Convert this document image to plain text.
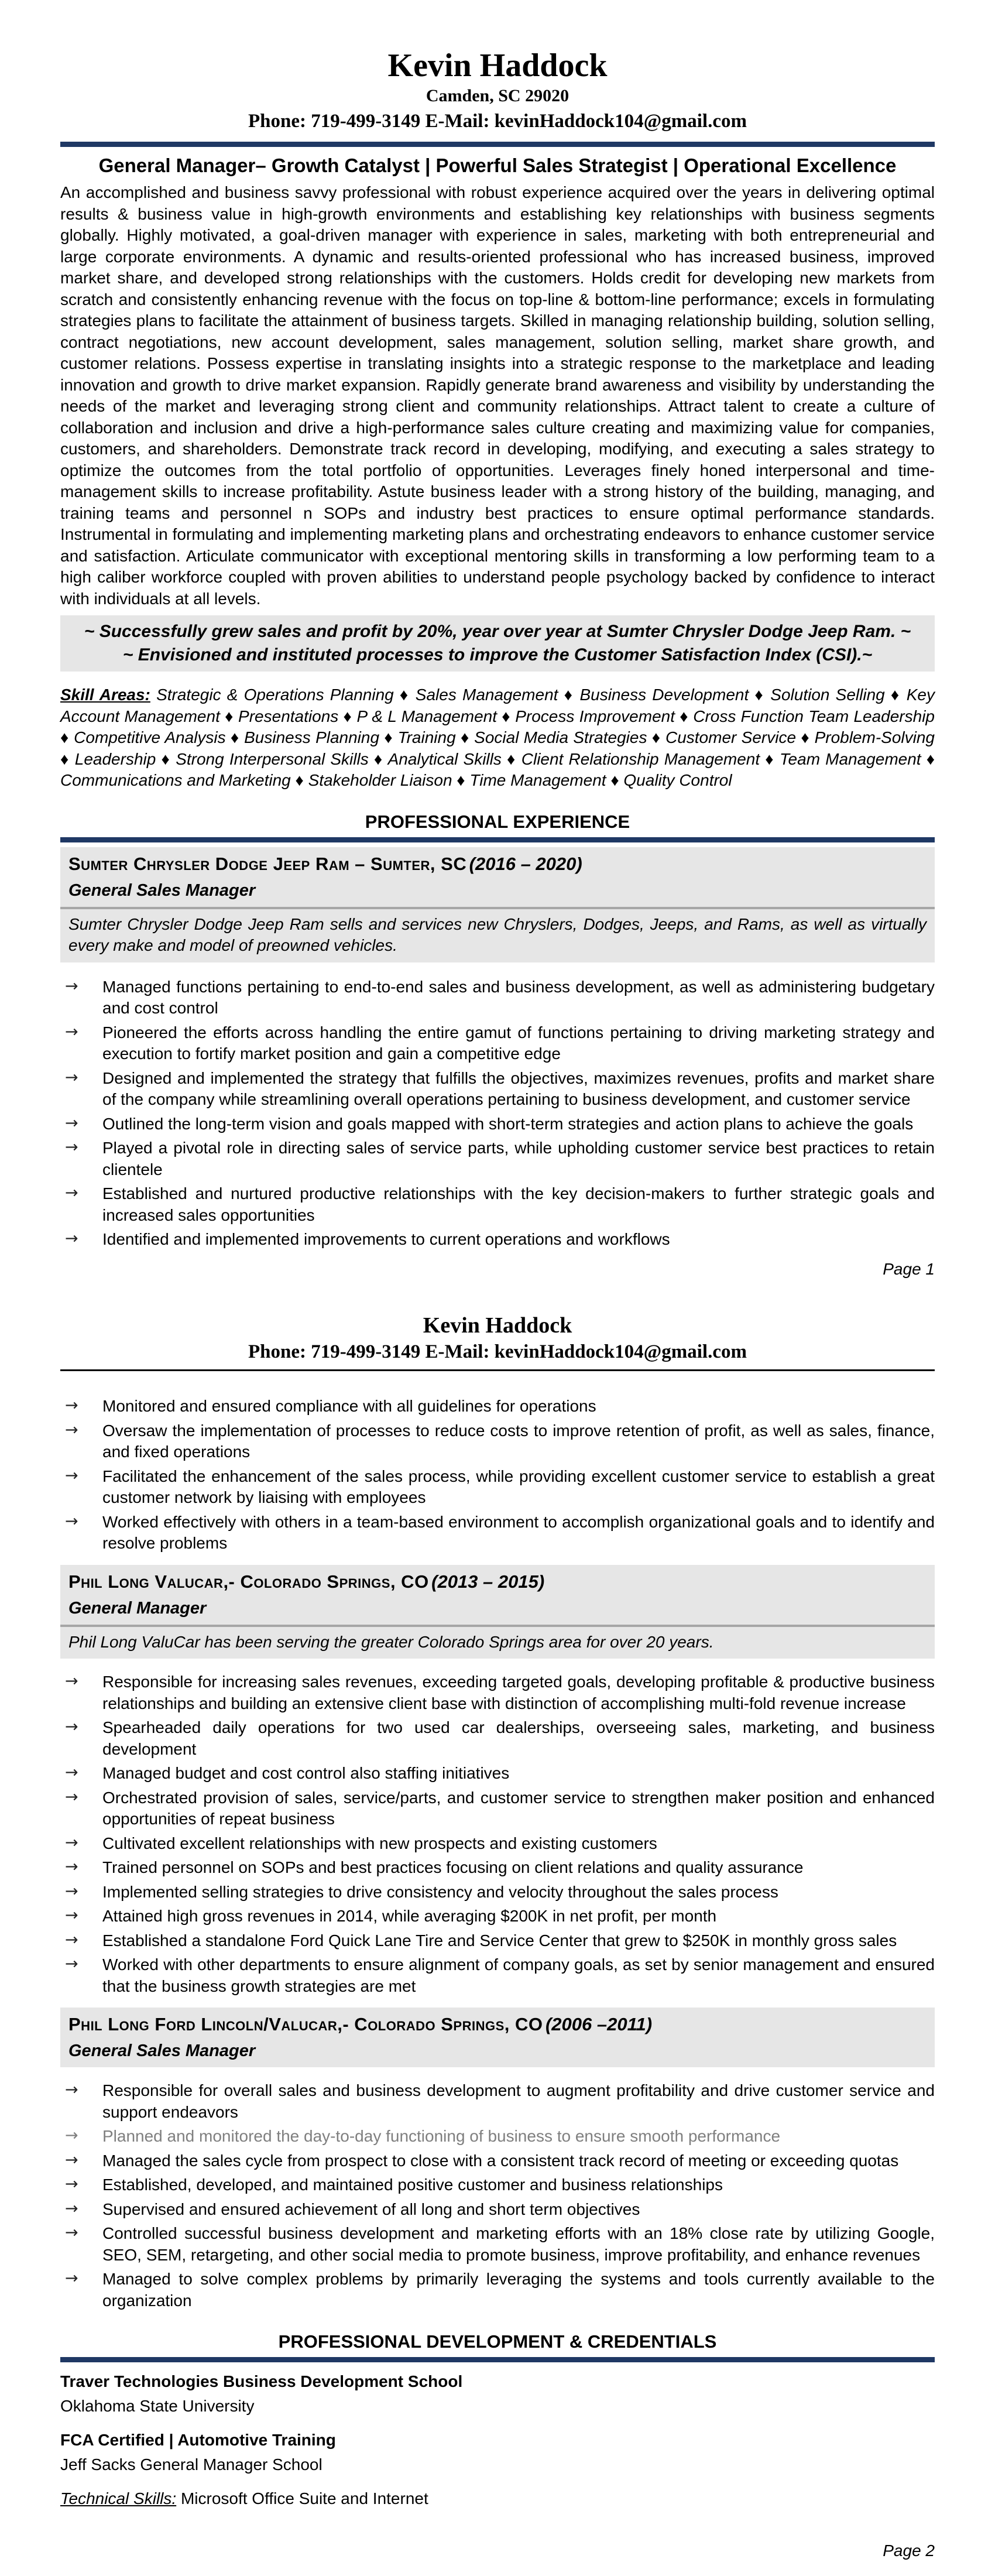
Kevin Haddock
Camden, SC 29020
Phone: 719-499-3149 E-Mail: kevinHaddock104@gmail.com
General Manager– Growth Catalyst | Powerful Sales Strategist | Operational Excellence
An accomplished and business savvy professional with robust experience acquired over the years in delivering optimal results & business value in high-growth environments and establishing key relationships with business segments globally. Highly motivated, a goal-driven manager with experience in sales, marketing with both entrepreneurial and large corporate environments. A dynamic and results-oriented professional who has increased business, improved market share, and developed strong relationships with the customers. Holds credit for developing new markets from scratch and consistently enhancing revenue with the focus on top-line & bottom-line performance; excels in formulating strategies plans to facilitate the attainment of business targets. Skilled in managing relationship building, solution selling, contract negotiations, new account development, sales management, solution selling, market share growth, and customer relations. Possess expertise in translating insights into a strategic response to the marketplace and leading innovation and growth to drive market expansion. Rapidly generate brand awareness and visibility by understanding the needs of the market and leveraging strong client and community relationships. Attract talent to create a culture of collaboration and inclusion and drive a high-performance sales culture creating and maximizing value for companies, customers, and shareholders. Demonstrate track record in developing, modifying, and executing a sales strategy to optimize the outcomes from the total portfolio of opportunities. Leverages finely honed interpersonal and time-management skills to increase profitability. Astute business leader with a strong history of the building, managing, and training teams and personnel n SOPs and industry best practices to ensure optimal performance standards. Instrumental in formulating and implementing marketing plans and orchestrating endeavors to enhance customer service and satisfaction. Articulate communicator with exceptional mentoring skills in transforming a low performing team to a high caliber workforce coupled with proven abilities to understand people psychology backed by confidence to interact with individuals at all levels.
~ Successfully grew sales and profit by 20%, year over year at Sumter Chrysler Dodge Jeep Ram. ~
~ Envisioned and instituted processes to improve the Customer Satisfaction Index (CSI).~
Skill Areas: Strategic & Operations Planning ♦ Sales Management ♦ Business Development ♦ Solution Selling ♦ Key Account Management ♦ Presentations ♦ P & L Management ♦ Process Improvement ♦ Cross Function Team Leadership ♦ Competitive Analysis ♦ Business Planning ♦ Training ♦ Social Media Strategies ♦ Customer Service ♦ Problem-Solving ♦ Leadership ♦ Strong Interpersonal Skills ♦ Analytical Skills ♦ Client Relationship Management ♦ Team Management ♦ Communications and Marketing ♦ Stakeholder Liaison ♦ Time Management ♦ Quality Control
PROFESSIONAL EXPERIENCE
Sumter Chrysler Dodge Jeep Ram – Sumter, SC (2016 – 2020)
General Sales Manager
Sumter Chrysler Dodge Jeep Ram sells and services new Chryslers, Dodges, Jeeps, and Rams, as well as virtually every make and model of preowned vehicles.
→ Managed functions pertaining to end-to-end sales and business development, as well as administering budgetary and cost control
→ Pioneered the efforts across handling the entire gamut of functions pertaining to driving marketing strategy and execution to fortify market position and gain a competitive edge
→ Designed and implemented the strategy that fulfills the objectives, maximizes revenues, profits and market share of the company while streamlining overall operations pertaining to business development, and customer service
→ Outlined the long-term vision and goals mapped with short-term strategies and action plans to achieve the goals
→ Played a pivotal role in directing sales of service parts, while upholding customer service best practices to retain clientele
→ Established and nurtured productive relationships with the key decision-makers to further strategic goals and increased sales opportunities
→ Identified and implemented improvements to current operations and workflows
Page 1
Kevin Haddock
Phone: 719-499-3149 E-Mail: kevinHaddock104@gmail.com
→ Monitored and ensured compliance with all guidelines for operations
→ Oversaw the implementation of processes to reduce costs to improve retention of profit, as well as sales, finance, and fixed operations
→ Facilitated the enhancement of the sales process, while providing excellent customer service to establish a great customer network by liaising with employees
→ Worked effectively with others in a team-based environment to accomplish organizational goals and to identify and resolve problems
Phil Long Valucar,- Colorado Springs, CO (2013 – 2015)
General Manager
Phil Long ValuCar has been serving the greater Colorado Springs area for over 20 years.
→ Responsible for increasing sales revenues, exceeding targeted goals, developing profitable & productive business relationships and building an extensive client base with distinction of accomplishing multi-fold revenue increase
→ Spearheaded daily operations for two used car dealerships, overseeing sales, marketing, and business development
→ Managed budget and cost control also staffing initiatives
→ Orchestrated provision of sales, service/parts, and customer service to strengthen maker position and enhanced opportunities of repeat business
→ Cultivated excellent relationships with new prospects and existing customers
→ Trained personnel on SOPs and best practices focusing on client relations and quality assurance
→ Implemented selling strategies to drive consistency and velocity throughout the sales process
→ Attained high gross revenues in 2014, while averaging $200K in net profit, per month
→ Established a standalone Ford Quick Lane Tire and Service Center that grew to $250K in monthly gross sales
→ Worked with other departments to ensure alignment of company goals, as set by senior management and ensured that the business growth strategies are met
Phil Long Ford Lincoln/Valucar,- Colorado Springs, CO (2006 –2011)
General Sales Manager
→ Responsible for overall sales and business development to augment profitability and drive customer service and support endeavors
→ Planned and monitored the day-to-day functioning of business to ensure smooth performance
→ Managed the sales cycle from prospect to close with a consistent track record of meeting or exceeding quotas
→ Established, developed, and maintained positive customer and business relationships
→ Supervised and ensured achievement of all long and short term objectives
→ Controlled successful business development and marketing efforts with an 18% close rate by utilizing Google, SEO, SEM, retargeting, and other social media to promote business, improve profitability, and enhance revenues
→ Managed to solve complex problems by primarily leveraging the systems and tools currently available to the organization
PROFESSIONAL DEVELOPMENT & CREDENTIALS
Traver Technologies Business Development School
Oklahoma State University
FCA Certified | Automotive Training
Jeff Sacks General Manager School
Technical Skills: Microsoft Office Suite and Internet
Page 2
